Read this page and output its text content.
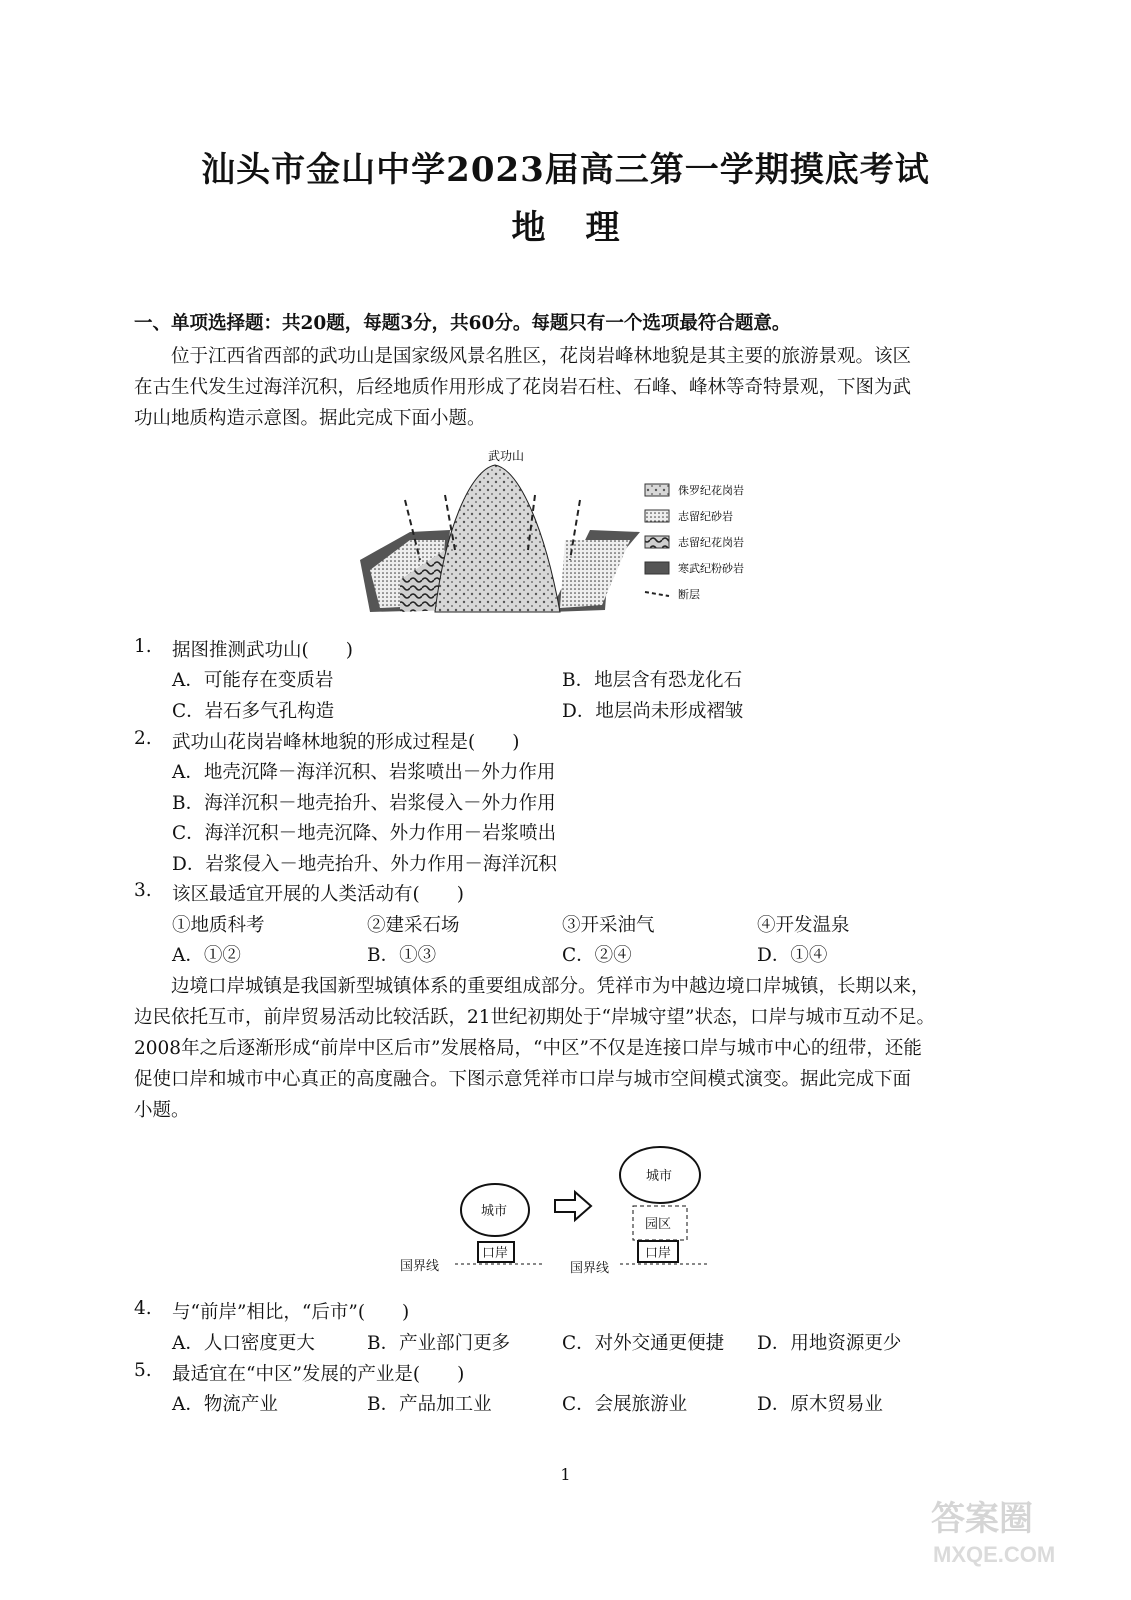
汕头市金山中学2023届高三第一学期摸底考试
地理
一、单项选择题：共20题，每题3分，共60分。每题只有一个选项最符合题意。

位于江西省西部的武功山是国家级风景名胜区，花岗岩峰林地貌是其主要的旅游景观。该区

在古生代发生过海洋沉积，后经地质作用形成了花岗岩石柱、石峰、峰林等奇特景观，下图为武

功山地质构造示意图。据此完成下面小题。

武功山
侏罗纪花岗岩
志留纪砂岩
志留纪花岗岩
寒武纪粉砂岩
断层
1. 据图推测武功山(　　)
A．可能存在变质岩	B．地层含有恐龙化石
C．岩石多气孔构造	D．地层尚未形成褶皱
2. 武功山花岗岩峰林地貌的形成过程是(　　)
A．地壳沉降－海洋沉积、岩浆喷出－外力作用
B．海洋沉积－地壳抬升、岩浆侵入－外力作用
C．海洋沉积－地壳沉降、外力作用－岩浆喷出
D．岩浆侵入－地壳抬升、外力作用－海洋沉积
3. 该区最适宜开展的人类活动有(　　)
①地质科考	②建采石场	③开采油气	④开发温泉
A．①②	B．①③	C．②④	D．①④

边境口岸城镇是我国新型城镇体系的重要组成部分。凭祥市为中越边境口岸城镇，长期以来，

边民依托互市，前岸贸易活动比较活跃，21世纪初期处于“岸城守望”状态，口岸与城市互动不足。

2008年之后逐渐形成“前岸中区后市”发展格局，“中区”不仅是连接口岸与城市中心的纽带，还能

促使口岸和城市中心真正的高度融合。下图示意凭祥市口岸与城市空间模式演变。据此完成下面

小题。

城市
口岸
国界线
城市
园区
口岸
国界线
4. 与“前岸”相比，“后市”(　　)
A．人口密度更大	B．产业部门更多	C．对外交通更便捷 D．用地资源更少
5. 最适宜在“中区”发展的产业是(　　)
A．物流产业	B．产品加工业	C．会展旅游业	D．原木贸易业
1
答案圈
MXQE.COM
